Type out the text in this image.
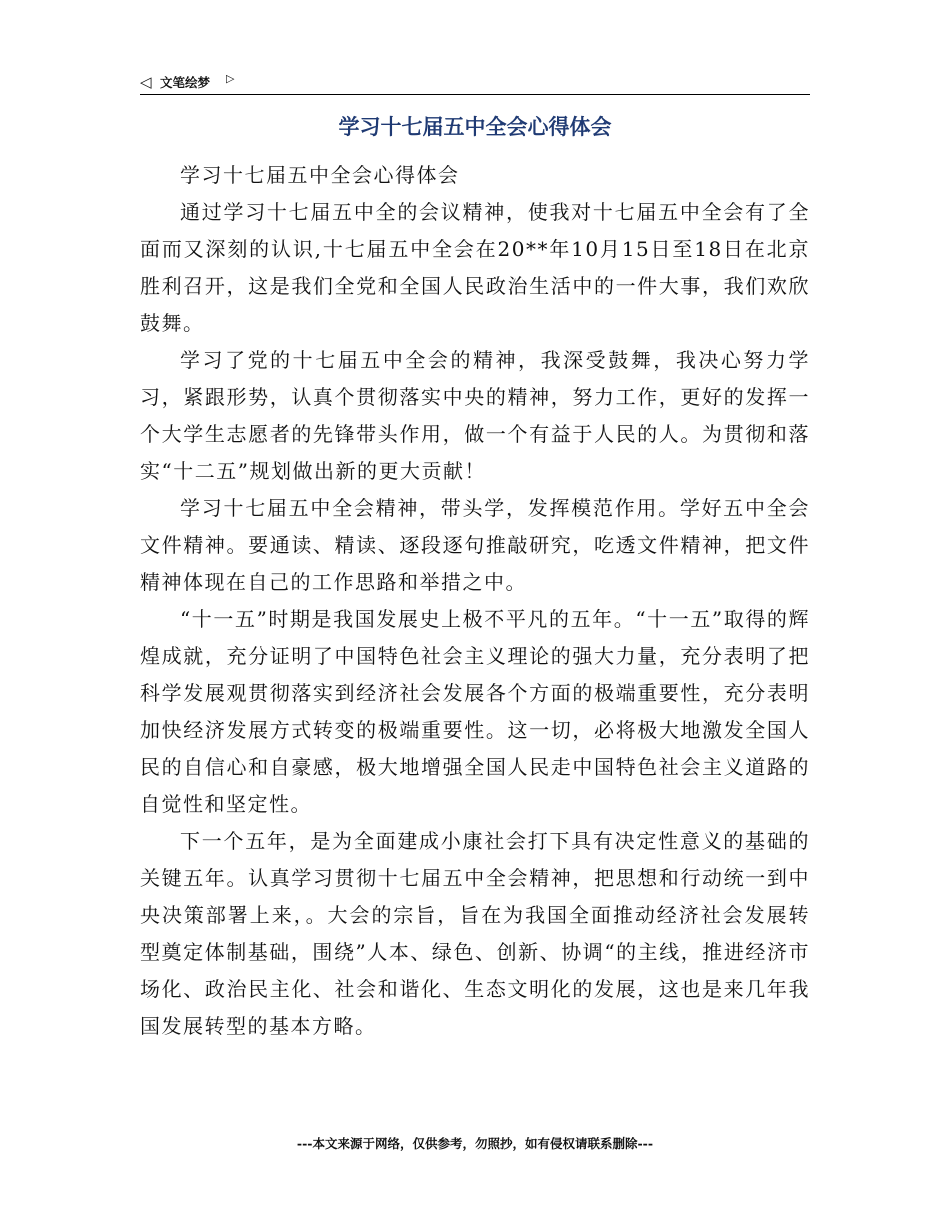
◁ 文笔绘梦 ▷
学习十七届五中全会心得体会

学习十七届五中全会心得体会

通过学习十七届五中全的会议精神，使我对十七届五中全会有了全面而又深刻的认识,十七届五中全会在20**年10月15日至18日在北京胜利召开，这是我们全党和全国人民政治生活中的一件大事，我们欢欣鼓舞。

学习了党的十七届五中全会的精神，我深受鼓舞，我决心努力学习，紧跟形势，认真个贯彻落实中央的精神，努力工作，更好的发挥一个大学生志愿者的先锋带头作用，做一个有益于人民的人。为贯彻和落实“十二五”规划做出新的更大贡献！

学习十七届五中全会精神，带头学，发挥模范作用。学好五中全会文件精神。要通读、精读、逐段逐句推敲研究，吃透文件精神，把文件精神体现在自己的工作思路和举措之中。

“十一五”时期是我国发展史上极不平凡的五年。“十一五”取得的辉煌成就，充分证明了中国特色社会主义理论的强大力量，充分表明了把科学发展观贯彻落实到经济社会发展各个方面的极端重要性，充分表明加快经济发展方式转变的极端重要性。这一切，必将极大地激发全国人民的自信心和自豪感，极大地增强全国人民走中国特色社会主义道路的自觉性和坚定性。

下一个五年，是为全面建成小康社会打下具有决定性意义的基础的关键五年。认真学习贯彻十七届五中全会精神，把思想和行动统一到中央决策部署上来，。大会的宗旨，旨在为我国全面推动经济社会发展转型奠定体制基础，围绕”人本、绿色、创新、协调“的主线，推进经济市场化、政治民主化、社会和谐化、生态文明化的发展，这也是来几年我国发展转型的基本方略。

---本文来源于网络，仅供参考，勿照抄，如有侵权请联系删除---
